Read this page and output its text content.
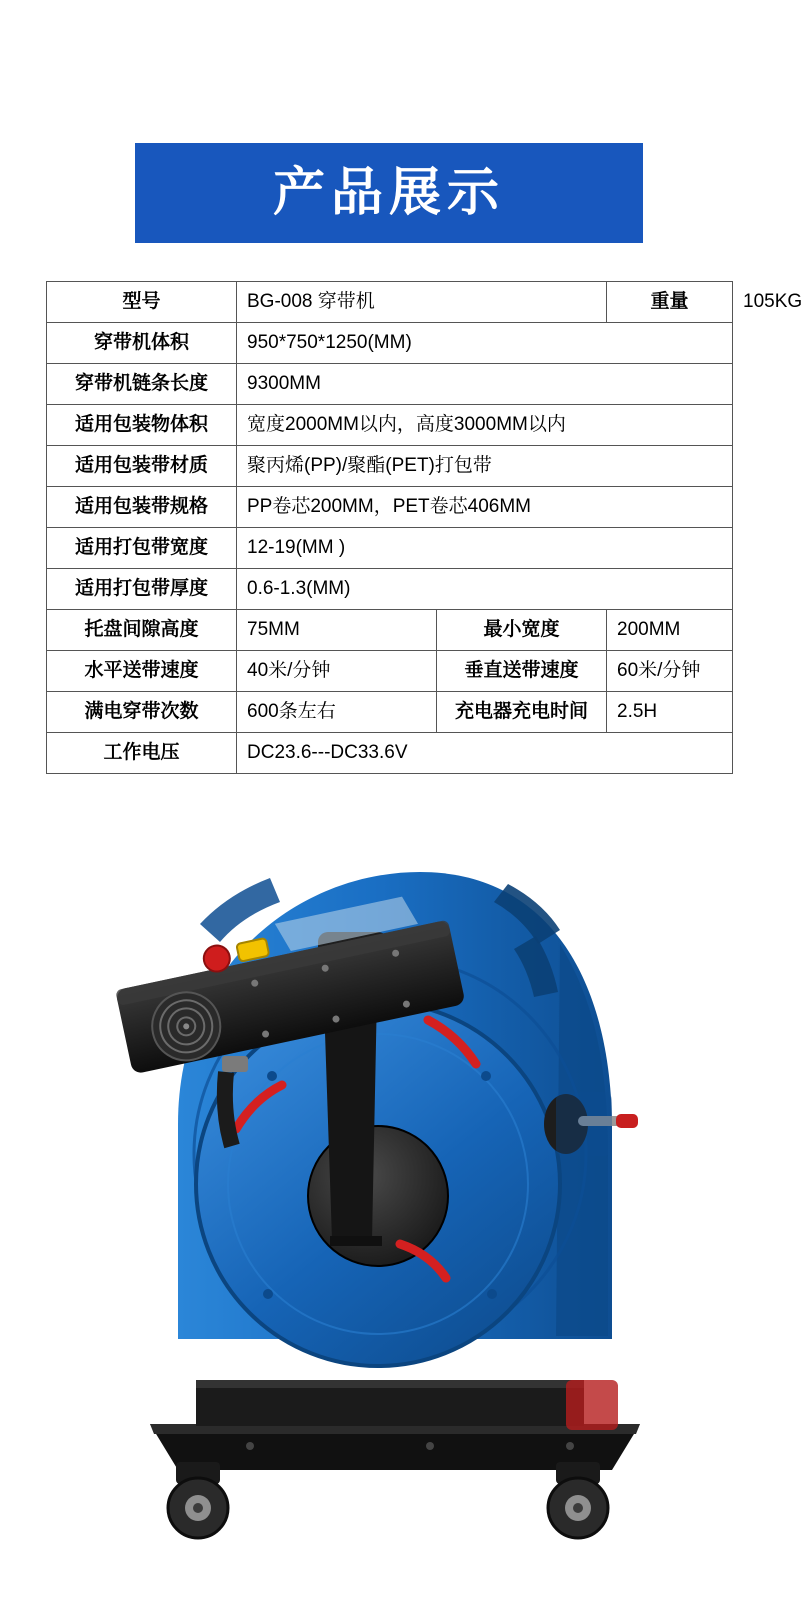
产品展示
型号	BG-008 穿带机		重量	105KG
穿带机体积	950*750*1250(MM)			
穿带机链条长度	9300MM			
适用包装物体积	宽度2000MM以内，高度3000MM以内			
适用包装带材质	聚丙烯(PP)/聚酯(PET)打包带			
适用包装带规格	PP卷芯200MM，PET卷芯406MM			
适用打包带宽度	12-19(MM )			
适用打包带厚度	0.6-1.3(MM)			
托盘间隙高度	75MM	最小宽度	200MM	
水平送带速度	40米/分钟	垂直送带速度	60米/分钟	
满电穿带次数	600条左右	充电器充电时间	2.5H	
工作电压	DC23.6---DC33.6V			
